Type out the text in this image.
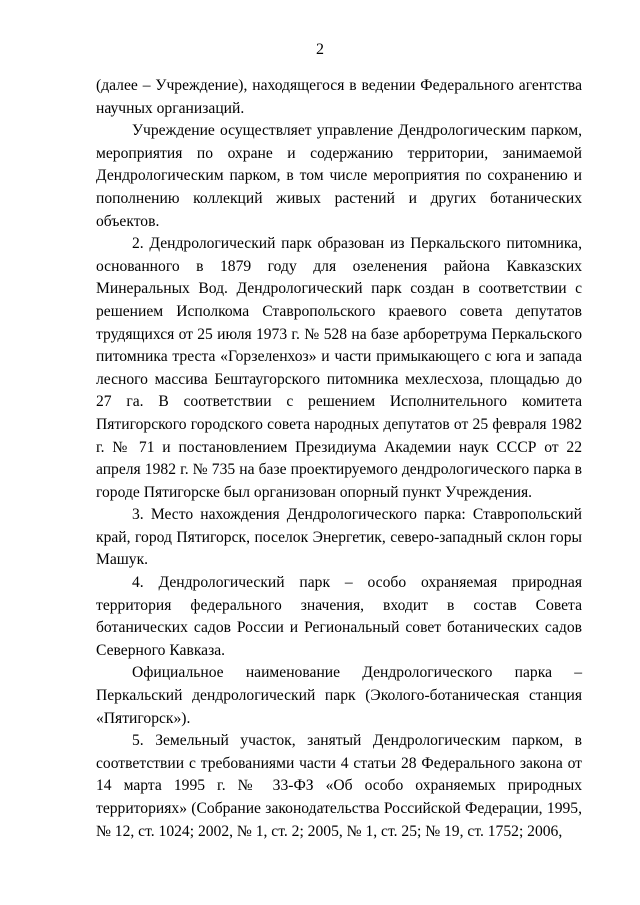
2

(далее – Учреждение), находящегося в ведении Федерального агентства научных организаций.

Учреждение осуществляет управление Дендрологическим парком, мероприятия по охране и содержанию территории, занимаемой Дендрологическим парком, в том числе мероприятия по сохранению и пополнению коллекций живых растений и других ботанических объектов.

2. Дендрологический парк образован из Перкальского питомника, основанного в 1879 году для озеленения района Кавказских Минеральных Вод. Дендрологический парк создан в соответствии с решением Исполкома Ставропольского краевого совета депутатов трудящихся от 25 июля 1973 г. № 528 на базе арборетрума Перкальского питомника треста «Горзеленхоз» и части примыкающего с юга и запада лесного массива Бештаугорского питомника мехлесхоза, площадью до 27 га. В соответствии с решением Исполнительного комитета Пятигорского городского совета народных депутатов от 25 февраля 1982 г. № 71 и постановлением Президиума Академии наук СССР от 22 апреля 1982 г. № 735 на базе проектируемого дендрологического парка в городе Пятигорске был организован опорный пункт Учреждения.

3. Место нахождения Дендрологического парка: Ставропольский край, город Пятигорск, поселок Энергетик, северо-западный склон горы Машук.

4. Дендрологический парк – особо охраняемая природная территория федерального значения, входит в состав Совета ботанических садов России и Региональный совет ботанических садов Северного Кавказа.

Официальное наименование Дендрологического парка – Перкальский дендрологический парк (Эколого-ботаническая станция «Пятигорск»).

5. Земельный участок, занятый Дендрологическим парком, в соответствии с требованиями части 4 статьи 28 Федерального закона от 14 марта 1995 г. № 33-ФЗ «Об особо охраняемых природных территориях» (Собрание законодательства Российской Федерации, 1995, № 12, ст. 1024; 2002, № 1, ст. 2; 2005, № 1, ст. 25; № 19, ст. 1752; 2006,
